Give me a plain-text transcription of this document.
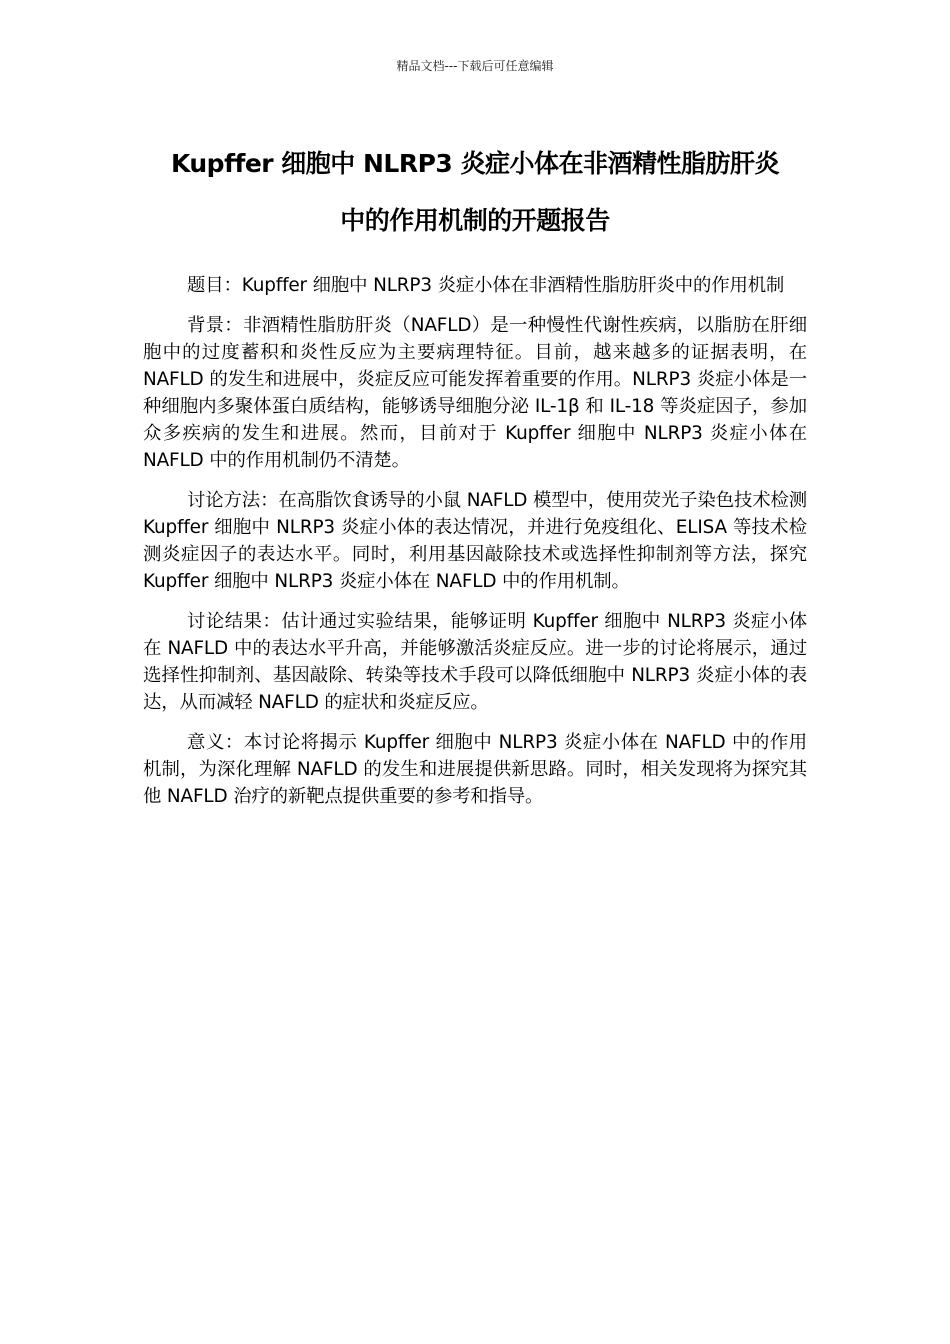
精品文档---下载后可任意编辑
Kupffer 细胞中 NLRP3 炎症小体在非酒精性脂肪肝炎
中的作用机制的开题报告

题目：Kupffer 细胞中 NLRP3 炎症小体在非酒精性脂肪肝炎中的作用机制

背景：非酒精性脂肪肝炎（NAFLD）是一种慢性代谢性疾病，以脂肪在肝细胞中的过度蓄积和炎性反应为主要病理特征。目前，越来越多的证据表明，在 NAFLD 的发生和进展中，炎症反应可能发挥着重要的作用。NLRP3 炎症小体是一种细胞内多聚体蛋白质结构，能够诱导细胞分泌 IL-1β 和 IL-18 等炎症因子，参加众多疾病的发生和进展。然而，目前对于 Kupffer 细胞中 NLRP3 炎症小体在 NAFLD 中的作用机制仍不清楚。

讨论方法：在高脂饮食诱导的小鼠 NAFLD 模型中，使用荧光子染色技术检测 Kupffer 细胞中 NLRP3 炎症小体的表达情况，并进行免疫组化、ELISA 等技术检测炎症因子的表达水平。同时，利用基因敲除技术或选择性抑制剂等方法，探究 Kupffer 细胞中 NLRP3 炎症小体在 NAFLD 中的作用机制。

讨论结果：估计通过实验结果，能够证明 Kupffer 细胞中 NLRP3 炎症小体在 NAFLD 中的表达水平升高，并能够激活炎症反应。进一步的讨论将展示，通过选择性抑制剂、基因敲除、转染等技术手段可以降低细胞中 NLRP3 炎症小体的表达，从而减轻 NAFLD 的症状和炎症反应。

意义：本讨论将揭示 Kupffer 细胞中 NLRP3 炎症小体在 NAFLD 中的作用机制，为深化理解 NAFLD 的发生和进展提供新思路。同时，相关发现将为探究其他 NAFLD 治疗的新靶点提供重要的参考和指导。
